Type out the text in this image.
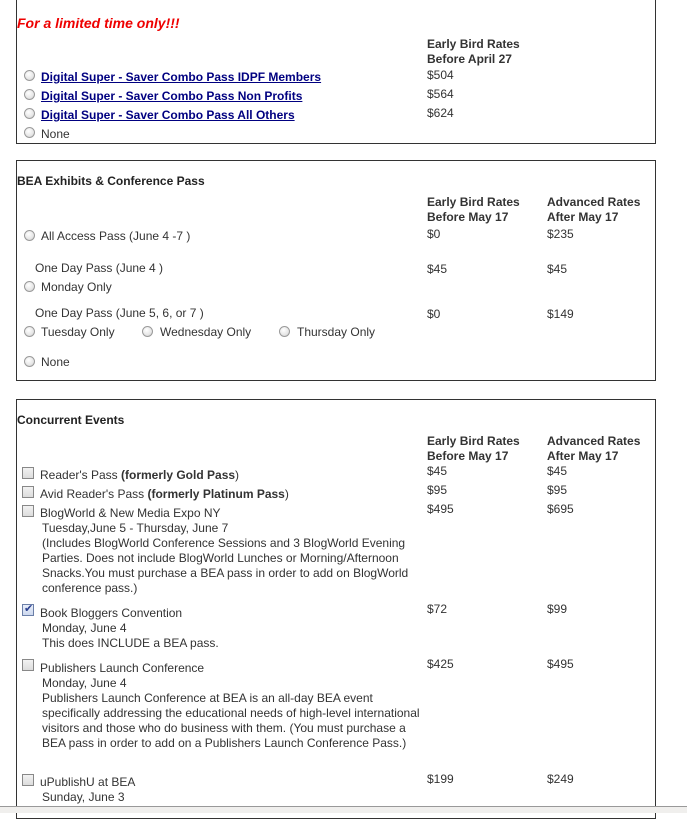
For a limited time only!!!
Early Bird Rates
Before April 27
Digital Super - Saver Combo Pass IDPF Members	$504
Digital Super - Saver Combo Pass Non Profits	$564
Digital Super - Saver Combo Pass All Others	$624
None
BEA Exhibits & Conference Pass
Early Bird Rates
Before May 17
Advanced Rates
After May 17
All Access Pass (June 4 -7 )	$0	$235
One Day Pass (June 4 )
Monday Only
$45	$45
One Day Pass (June 5, 6, or 7 )
Tuesday Only	Wednesday Only	Thursday Only
$0	$149
None
Concurrent Events
Early Bird Rates
Before May 17
Advanced Rates
After May 17
Reader's Pass (formerly Gold Pass)	$45	$45
Avid Reader's Pass (formerly Platinum Pass)	$95	$95
BlogWorld & New Media Expo NY
Tuesday,June 5 - Thursday, June 7
(Includes BlogWorld Conference Sessions and 3 BlogWorld Evening Parties. Does not include BlogWorld Lunches or Morning/Afternoon Snacks.You must purchase a BEA pass in order to add on BlogWorld conference pass.)
$495	$695
✔
Book Bloggers Convention
Monday, June 4
This does INCLUDE a BEA pass.
$72	$99
Publishers Launch Conference
Monday, June 4
Publishers Launch Conference at BEA is an all-day BEA event specifically addressing the educational needs of high-level international visitors and those who do business with them. (You must purchase a BEA pass in order to add on a Publishers Launch Conference Pass.)
$425	$495
uPublishU at BEA
Sunday, June 3
$199	$249
